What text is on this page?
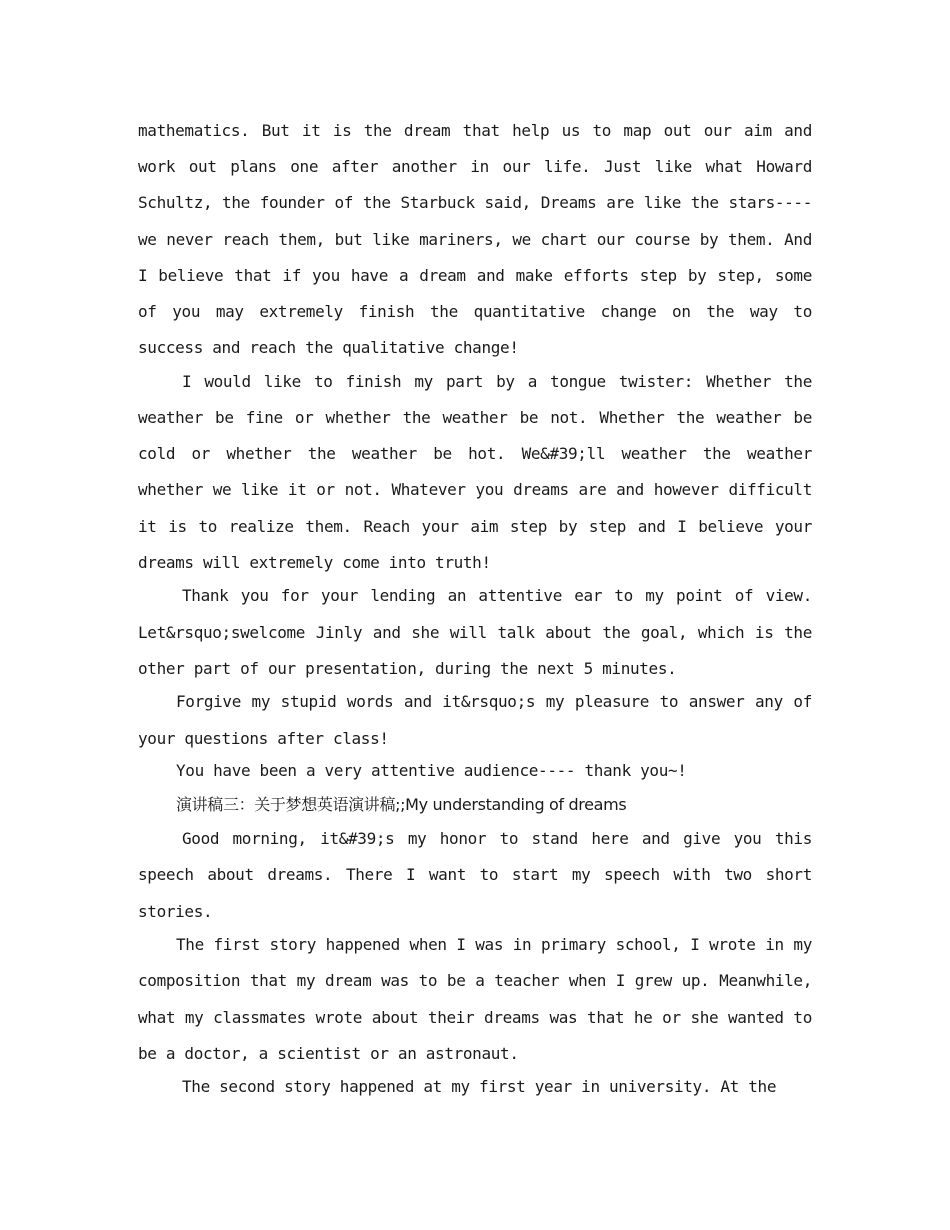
mathematics. But it is the dream that help us to map out our aim and work out plans one after another in our life. Just like what Howard Schultz, the founder of the Starbuck said, Dreams are like the stars---- we never reach them, but like mariners, we chart our course by them. And I believe that if you have a dream and make efforts step by step, some of you may extremely finish the quantitative change on the way to success and reach the qualitative change!

I would like to finish my part by a tongue twister: Whether the weather be fine or whether the weather be not. Whether the weather be cold or whether the weather be hot. We&#39;ll weather the weather whether we like it or not. Whatever you dreams are and however difficult it is to realize them. Reach your aim step by step and I believe your dreams will extremely come into truth!

Thank you for your lending an attentive ear to my point of view. Let&rsquo;swelcome Jinly and she will talk about the goal, which is the other part of our presentation, during the next 5 minutes.

Forgive my stupid words and it&rsquo;s my pleasure to answer any of your questions after class!

You have been a very attentive audience---- thank you~!

演讲稿三：关于梦想英语演讲稿;;My understanding of dreams

Good morning, it&#39;s my honor to stand here and give you this speech about dreams. There I want to start my speech with two short stories.

The first story happened when I was in primary school, I wrote in my composition that my dream was to be a teacher when I grew up. Meanwhile, what my classmates wrote about their dreams was that he or she wanted to be a doctor, a scientist or an astronaut.

The second story happened at my first year in university. At the
